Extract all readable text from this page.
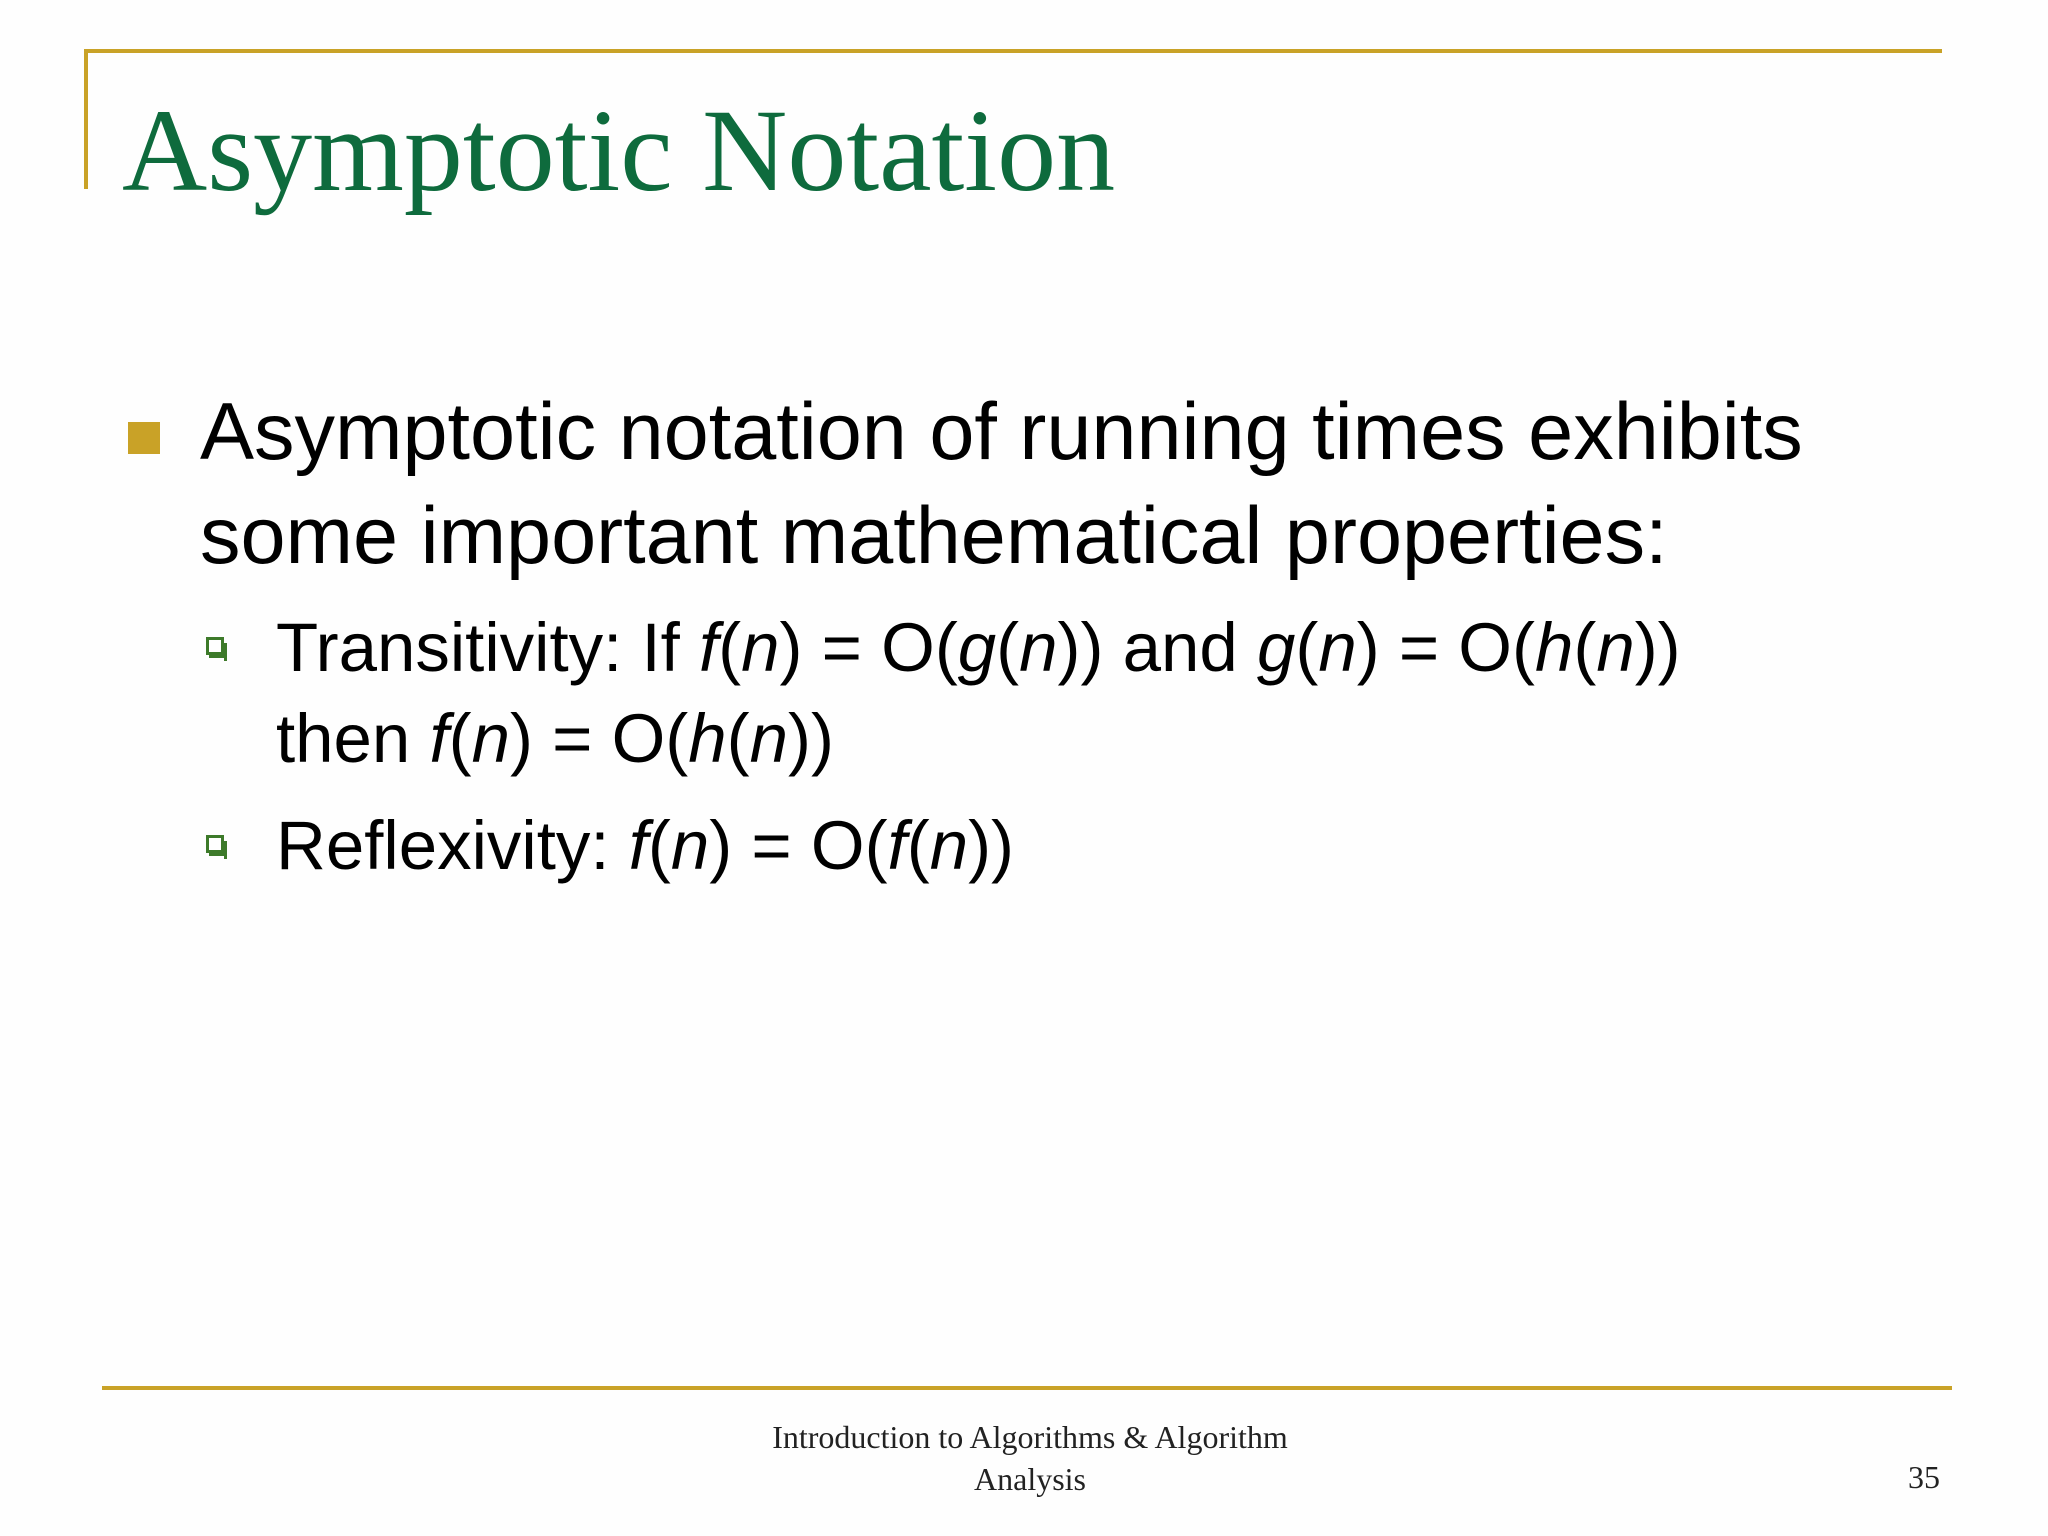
Asymptotic Notation
Asymptotic notation of running times exhibits
some important mathematical properties:
Transitivity: If f(n) = O(g(n)) and g(n) = O(h(n))
then f(n) = O(h(n))
Reflexivity: f(n) = O(f(n))
Introduction to Algorithms & Algorithm
Analysis	35
